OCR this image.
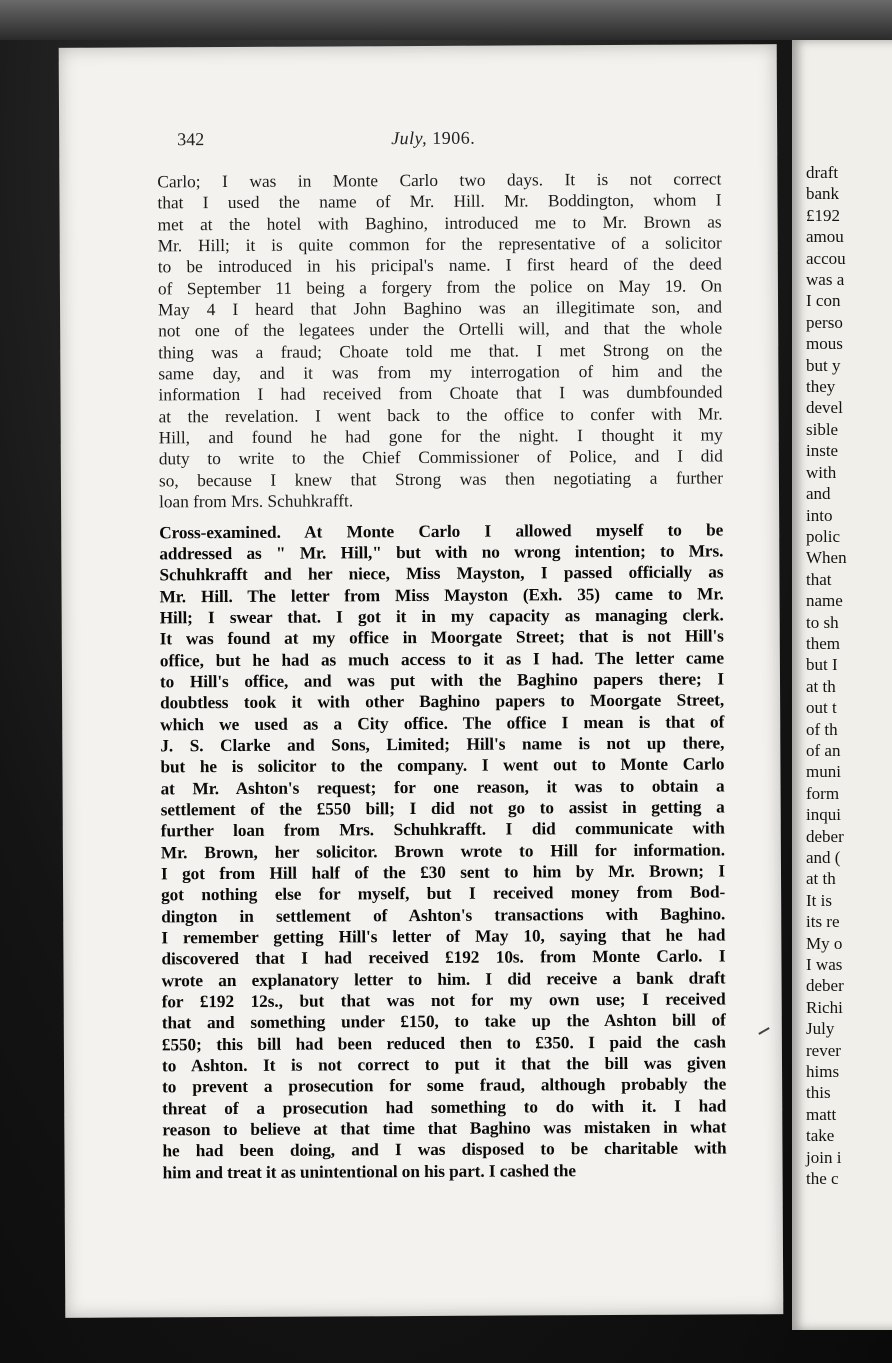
draft
bank
£192
amou
accou
was a
I con
perso
mous
but y
they
devel
sible
inste
with
and
into
polic
When
that
name
to sh
them
but I
at th
out t
of th
of an
muni
form
inqui
deber
and (
at th
It is
its re
My o
I was
deber
Richi
July
rever
hims
this
matt
take
join i
the c
342	July, 1906.
Carlo; I was in Monte Carlo two days. It is not correct
that I used the name of Mr. Hill. Mr. Boddington, whom I
met at the hotel with Baghino, introduced me to Mr. Brown as
Mr. Hill; it is quite common for the representative of a solicitor
to be introduced in his pricipal's name. I first heard of the deed
of September 11 being a forgery from the police on May 19. On
May 4 I heard that John Baghino was an illegitimate son, and
not one of the legatees under the Ortelli will, and that the whole
thing was a fraud; Choate told me that. I met Strong on the
same day, and it was from my interrogation of him and the
information I had received from Choate that I was dumbfounded
at the revelation. I went back to the office to confer with Mr.
Hill, and found he had gone for the night. I thought it my
duty to write to the Chief Commissioner of Police, and I did
so, because I knew that Strong was then negotiating a further
loan from Mrs. Schuhkrafft.
Cross-examined. At Monte Carlo I allowed myself to be
addressed as " Mr. Hill," but with no wrong intention; to Mrs.
Schuhkrafft and her niece, Miss Mayston, I passed officially as
Mr. Hill. The letter from Miss Mayston (Exh. 35) came to Mr.
Hill; I swear that. I got it in my capacity as managing clerk.
It was found at my office in Moorgate Street; that is not Hill's
office, but he had as much access to it as I had. The letter came
to Hill's office, and was put with the Baghino papers there; I
doubtless took it with other Baghino papers to Moorgate Street,
which we used as a City office. The office I mean is that of
J. S. Clarke and Sons, Limited; Hill's name is not up there,
but he is solicitor to the company. I went out to Monte Carlo
at Mr. Ashton's request; for one reason, it was to obtain a
settlement of the £550 bill; I did not go to assist in getting a
further loan from Mrs. Schuhkrafft. I did communicate with
Mr. Brown, her solicitor. Brown wrote to Hill for information.
I got from Hill half of the £30 sent to him by Mr. Brown; I
got nothing else for myself, but I received money from Bod-
dington in settlement of Ashton's transactions with Baghino.
I remember getting Hill's letter of May 10, saying that he had
discovered that I had received £192 10s. from Monte Carlo. I
wrote an explanatory letter to him. I did receive a bank draft
for £192 12s., but that was not for my own use; I received
that and something under £150, to take up the Ashton bill of
£550; this bill had been reduced then to £350. I paid the cash
to Ashton. It is not correct to put it that the bill was given
to prevent a prosecution for some fraud, although probably the
threat of a prosecution had something to do with it. I had
reason to believe at that time that Baghino was mistaken in what
he had been doing, and I was disposed to be charitable with
him and treat it as unintentional on his part. I cashed the
